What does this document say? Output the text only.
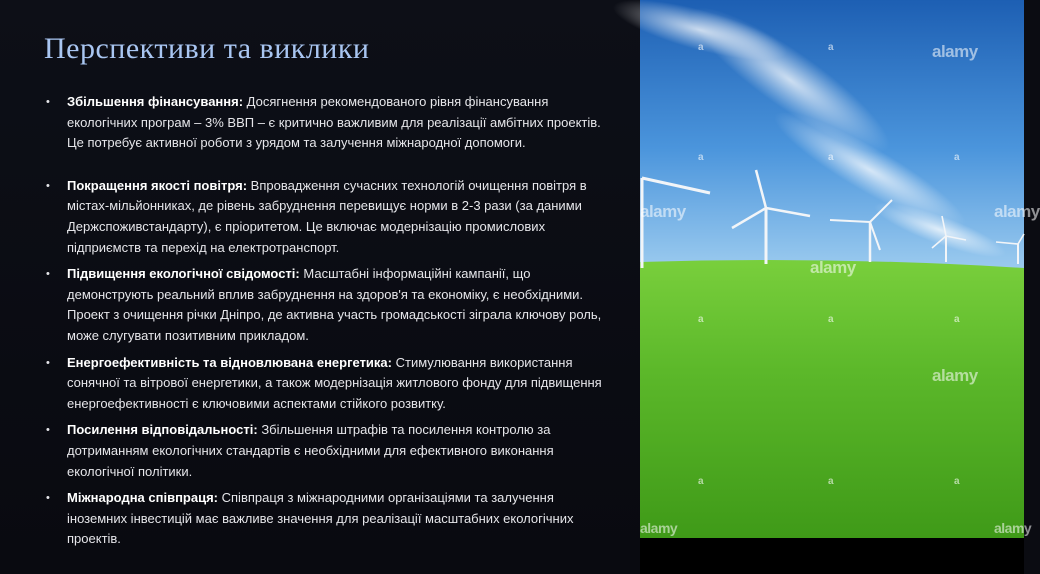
Перспективи та виклики
• Збільшення фінансування: Досягнення рекомендованого рівня фінансування екологічних програм – 3% ВВП – є критично важливим для реалізації амбітних проектів. Це потребує активної роботи з урядом та залучення міжнародної допомоги.
• Покращення якості повітря: Впровадження сучасних технологій очищення повітря в містах-мільйонниках, де рівень забруднення перевищує норми в 2-3 рази (за даними Держспоживстандарту), є пріоритетом. Це включає модернізацію промислових підприємств та перехід на електротранспорт.
• Підвищення екологічної свідомості: Масштабні інформаційні кампанії, що демонструють реальний вплив забруднення на здоров'я та економіку, є необхідними. Проект з очищення річки Дніпро, де активна участь громадськості зіграла ключову роль, може слугувати позитивним прикладом.
• Енергоефективність та відновлювана енергетика: Стимулювання використання сонячної та вітрової енергетики, а також модернізація житлового фонду для підвищення енергоефективності є ключовими аспектами стійкого розвитку.
• Посилення відповідальності: Збільшення штрафів та посилення контролю за дотриманням екологічних стандартів є необхідними для ефективного виконання екологічної політики.
• Міжнародна співпраця: Співпраця з міжнародними організаціями та залучення іноземних інвестицій має важливе значення для реалізації масштабних екологічних проектів.
alamy
alamy	alamy
alamy
alamy
a	a
a	a	a
a	a	a
a	a	a
alamy	alamy
